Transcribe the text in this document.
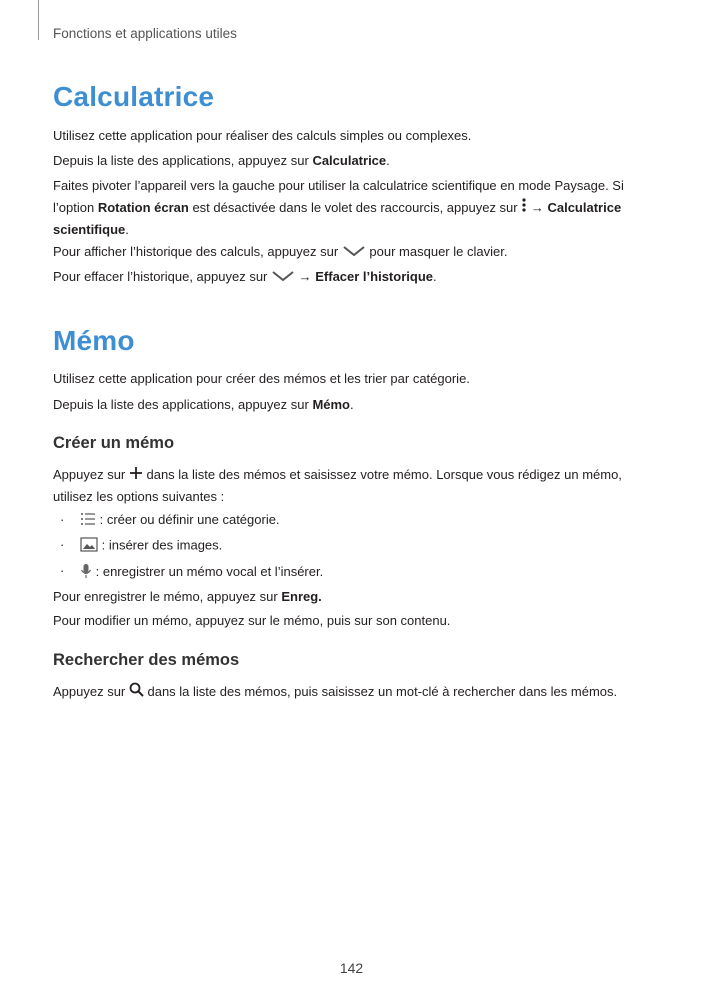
Fonctions et applications utiles
Calculatrice
Utilisez cette application pour réaliser des calculs simples ou complexes.
Depuis la liste des applications, appuyez sur Calculatrice.
Faites pivoter l’appareil vers la gauche pour utiliser la calculatrice scientifique en mode Paysage. Si l’option Rotation écran est désactivée dans le volet des raccourcis, appuyez sur  → Calculatrice scientifique.
Pour afficher l’historique des calculs, appuyez sur  pour masquer le clavier.
Pour effacer l’historique, appuyez sur  → Effacer l’historique.
Mémo
Utilisez cette application pour créer des mémos et les trier par catégorie.
Depuis la liste des applications, appuyez sur Mémo.
Créer un mémo
Appuyez sur  dans la liste des mémos et saisissez votre mémo. Lorsque vous rédigez un mémo, utilisez les options suivantes :
·	: créer ou définir une catégorie.
·	: insérer des images.
·	: enregistrer un mémo vocal et l’insérer.
Pour enregistrer le mémo, appuyez sur Enreg.
Pour modifier un mémo, appuyez sur le mémo, puis sur son contenu.
Rechercher des mémos
Appuyez sur  dans la liste des mémos, puis saisissez un mot-clé à rechercher dans les mémos.
142
